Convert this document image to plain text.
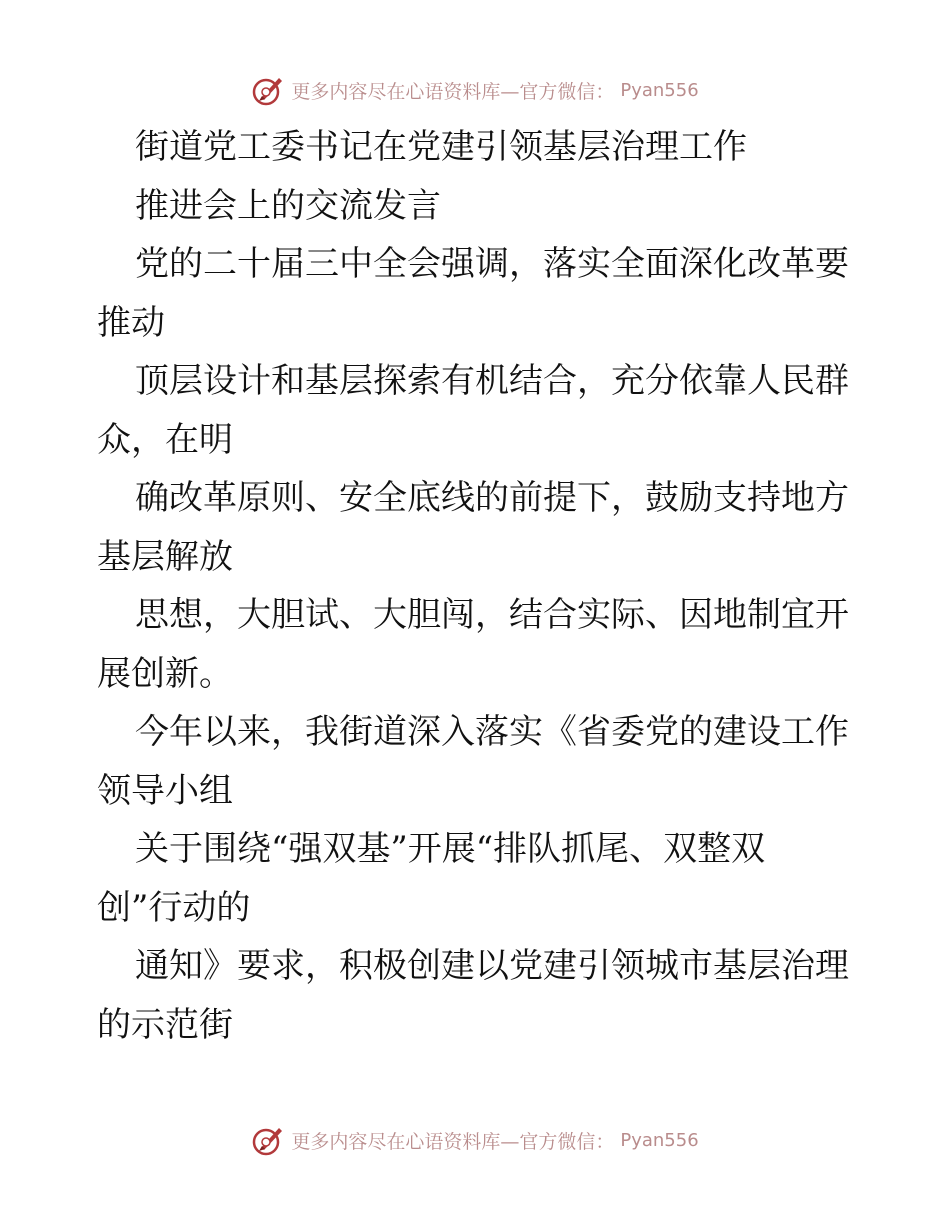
更多内容尽在心语资料库—官方微信： Pyan556
街道党工委书记在党建引领基层治理工作
推进会上的交流发言
党的二十届三中全会强调，落实全面深化改革要
推动
顶层设计和基层探索有机结合，充分依靠人民群
众，在明
确改革原则、安全底线的前提下，鼓励支持地方
基层解放
思想，大胆试、大胆闯，结合实际、因地制宜开
展创新。
今年以来，我街道深入落实《省委党的建设工作
领导小组
关于围绕“强双基”开展“排队抓尾、双整双
创”行动的
通知》要求，积极创建以党建引领城市基层治理
的示范街
更多内容尽在心语资料库—官方微信： Pyan556
